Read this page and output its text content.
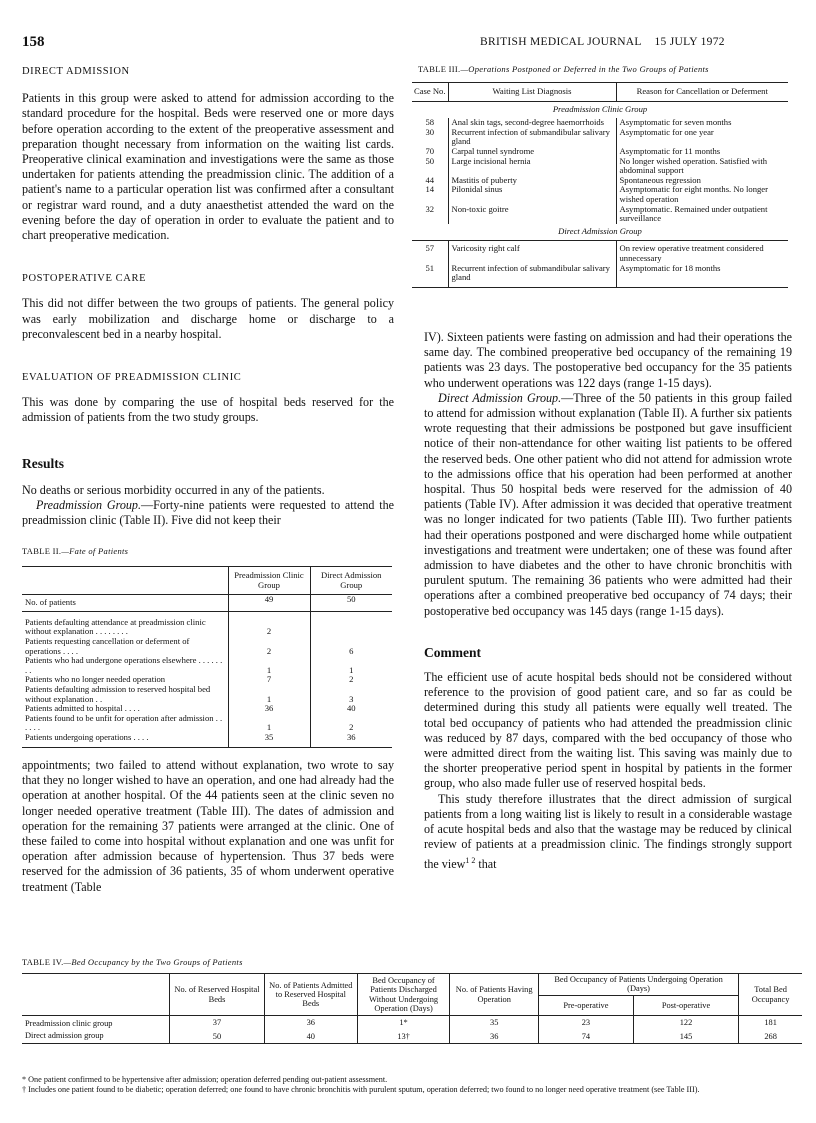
158	BRITISH MEDICAL JOURNAL 15 JULY 1972
DIRECT ADMISSION

Patients in this group were asked to attend for admission according to the standard procedure for the hospital. Beds were reserved one or more days before operation according to the extent of the preoperative assessment and preparation thought necessary from information on the waiting list cards. Preoperative clinical examination and investigations were the same as those undertaken for patients attending the preadmission clinic. The addition of a patient's name to a particular operation list was confirmed after a consultant or registrar ward round, and a duty anaesthetist attended the ward on the evening before the day of operation in order to evaluate the patient and to chart preoperative medication.

POSTOPERATIVE CARE

This did not differ between the two groups of patients. The general policy was early mobilization and discharge home or discharge to a preconvalescent bed in a nearby hospital.

EVALUATION OF PREADMISSION CLINIC

This was done by comparing the use of hospital beds reserved for the admission of patients from the two study groups.

Results

No deaths or serious morbidity occurred in any of the patients.

Preadmission Group.—Forty-nine patients were requested to attend the preadmission clinic (Table II). Five did not keep their

TABLE II.—Fate of Patients
	Preadmission Clinic Group	Direct Admission Group
No. of patients	49	50

Patients defaulting attendance at preadmission clinic without explanation . . . . . . . .	2	
Patients requesting cancellation or deferment of operations . . . .	2	6
Patients who had undergone operations elsewhere . . . . . . . .	1	1
Patients who no longer needed operation	7	2
Patients defaulting admission to reserved hospital bed without explanation . .	1	3
Patients admitted to hospital . . . .	36	40
Patients found to be unfit for operation after admission . . . . . .	1	2
Patients undergoing operations . . . .	35	36

appointments; two failed to attend without explanation, two wrote to say that they no longer wished to have an operation, and one had already had the operation at another hospital. Of the 44 patients seen at the clinic seven no longer needed operative treatment (Table III). The dates of admission and operation for the remaining 37 patients were arranged at the clinic. One of these failed to come into hospital without explanation and one was unfit for operation after admission because of hypertension. Thus 37 beds were reserved for the admission of 36 patients, 35 of whom underwent operative treatment (Table

TABLE III.—Operations Postponed or Deferred in the Two Groups of Patients
Case No.	Waiting List Diagnosis	Reason for Cancellation or Deferment
Preadmission Clinic Group		
58	Anal skin tags, second-degree haemorrhoids	Asymptomatic for seven months
30	Recurrent infection of submandibular salivary gland	Asymptomatic for one year
70	Carpal tunnel syndrome	Asymptomatic for 11 months
50	Large incisional hernia	No longer wished operation. Satisfied with abdominal support
44	Mastitis of puberty	Spontaneous regression
14	Pilonidal sinus	Asymptomatic for eight months. No longer wished operation
32	Non-toxic goitre	Asymptomatic. Remained under outpatient surveillance
Direct Admission Group		
57	Varicosity right calf	On review operative treatment considered unnecessary
51	Recurrent infection of submandibular salivary gland	Asymptomatic for 18 months

IV). Sixteen patients were fasting on admission and had their operations the same day. The combined preoperative bed occupancy of the remaining 19 patients was 23 days. The postoperative bed occupancy for the 35 patients who underwent operations was 122 days (range 1-15 days).

Direct Admission Group.—Three of the 50 patients in this group failed to attend for admission without explanation (Table II). A further six patients wrote requesting that their admissions be postponed but gave insufficient notice of their non-attendance for other waiting list patients to be offered the reserved beds. One other patient who did not attend for admission wrote to the admissions office that his operation had been performed at another hospital. Thus 50 hospital beds were reserved for the admission of 40 patients (Table IV). After admission it was decided that operative treatment was no longer indicated for two patients (Table III). Two further patients had their operations postponed and were discharged home while outpatient investigations and treatment were undertaken; one of these was found after admission to have diabetes and the other to have chronic bronchitis with purulent sputum. The remaining 36 patients who were admitted had their operations after a combined preoperative bed occupancy of 74 days; their postoperative bed occupancy was 145 days (range 1-15 days).

Comment

The efficient use of acute hospital beds should not be considered without reference to the provision of good patient care, and so far as could be determined during this study all patients were equally well treated. The total bed occupancy of patients who had attended the preadmission clinic was reduced by 87 days, compared with the bed occupancy of those who were admitted direct from the waiting list. This saving was mainly due to the shorter preoperative period spent in hospital by patients in the former group, who also made fuller use of reserved hospital beds.

This study therefore illustrates that the direct admission of surgical patients from a long waiting list is likely to result in a considerable wastage of acute hospital beds and also that the wastage may be reduced by clinical review of patients at a preadmission clinic. The findings strongly support the view$^{1 2}$ that

TABLE IV.—Bed Occupancy by the Two Groups of Patients
	No. of Reserved Hospital Beds	No. of Patients Admitted to Reserved Hospital Beds	Bed Occupancy of Patients Discharged Without Undergoing Operation (Days)	No. of Patients Having Operation	Bed Occupancy of Patients Undergoing Operation (Days)		Total Bed Occupancy
					Pre-operative	Post-operative	
Preadmission clinic group	37	36	1*	35	23	122	181
Direct admission group	50	40	13†	36	74	145	268
* One patient confirmed to be hypertensive after admission; operation deferred pending out-patient assessment.
† Includes one patient found to be diabetic; operation deferred; one found to have chronic bronchitis with purulent sputum, operation deferred; two found to no longer need operative treatment (see Table III).
